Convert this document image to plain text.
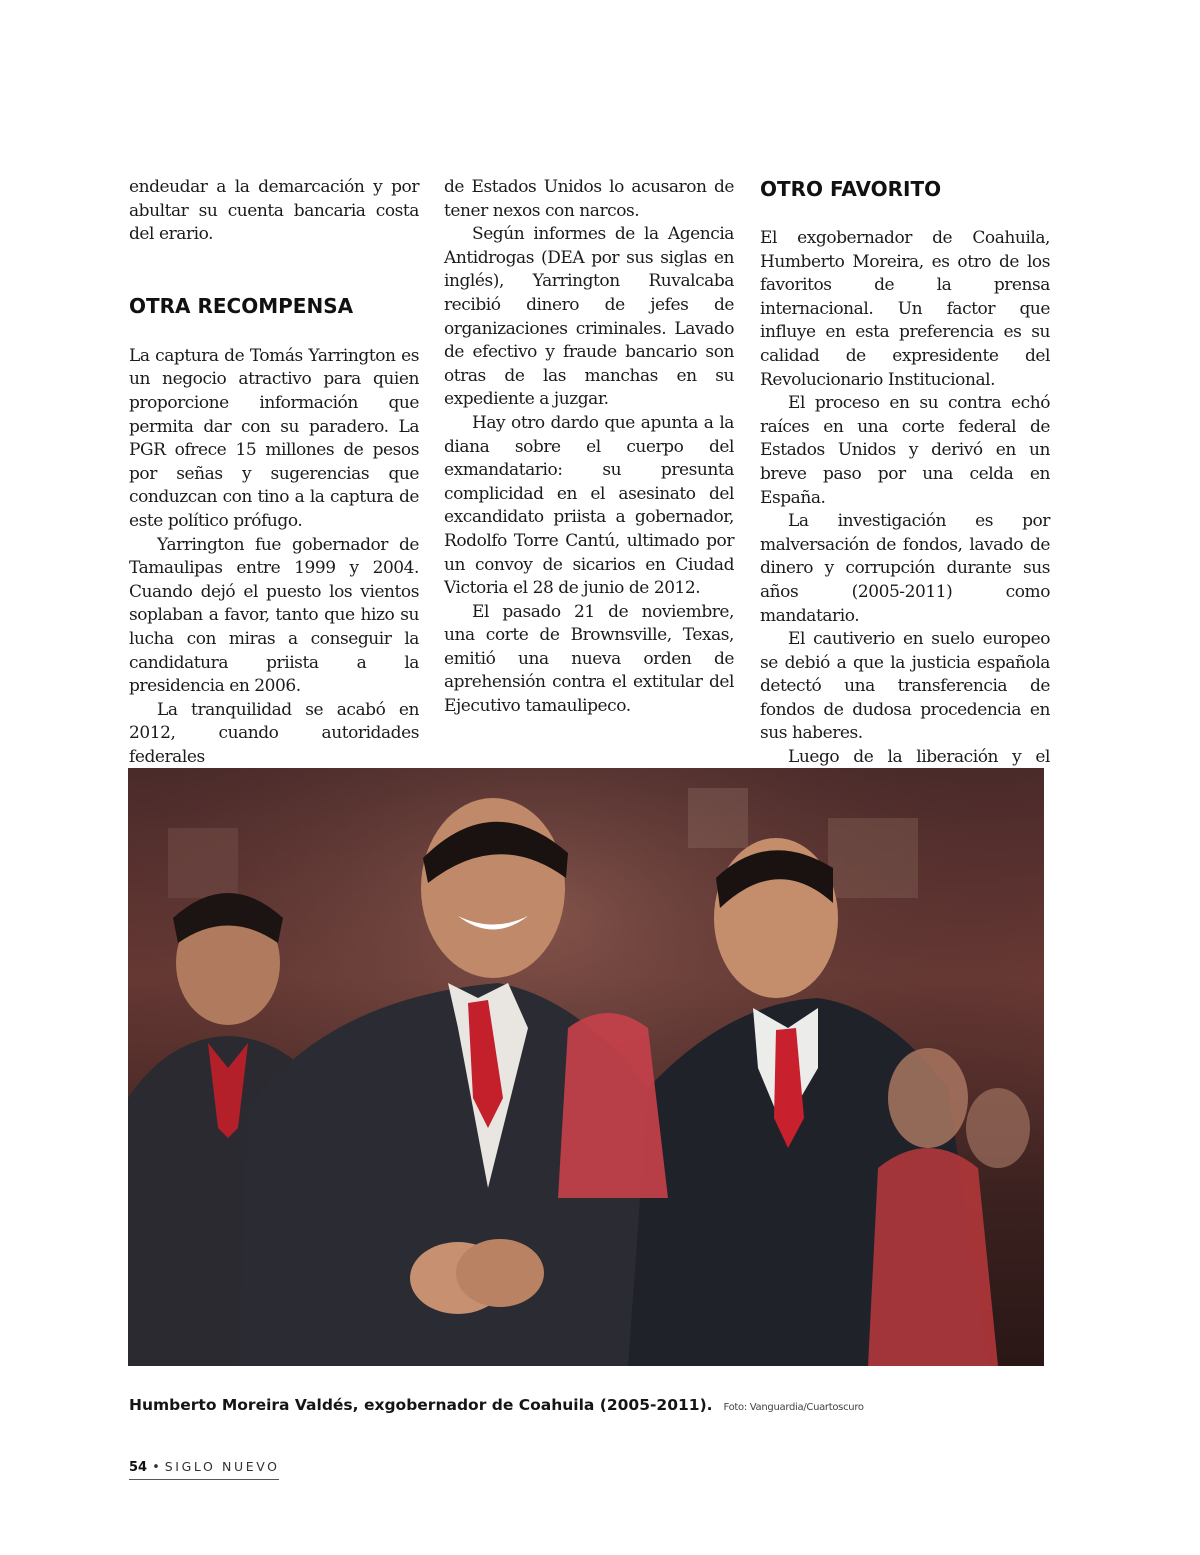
endeudar a la demarcación y por abultar su cuenta bancaria costa del erario.

OTRA RECOMPENSA

La captura de Tomás Yarrington es un negocio atractivo para quien proporcione información que permita dar con su paradero. La PGR ofrece 15 millones de pesos por señas y sugerencias que conduzcan con tino a la captura de este político prófugo.

Yarrington fue gobernador de Tamaulipas entre 1999 y 2004. Cuando dejó el puesto los vientos soplaban a favor, tanto que hizo su lucha con miras a conseguir la candidatura priista a la presidencia en 2006.

La tranquilidad se acabó en 2012, cuando autoridades federales

de Estados Unidos lo acusaron de tener nexos con narcos.

Según informes de la Agencia Antidrogas (DEA por sus siglas en inglés), Yarrington Ruvalcaba recibió dinero de jefes de organizaciones criminales. Lavado de efectivo y fraude bancario son otras de las manchas en su expediente a juzgar.

Hay otro dardo que apunta a la diana sobre el cuerpo del exmandatario: su presunta complicidad en el asesinato del excandidato priista a gobernador, Rodolfo Torre Cantú, ultimado por un convoy de sicarios en Ciudad Victoria el 28 de junio de 2012.

El pasado 21 de noviembre, una corte de Brownsville, Texas, emitió una nueva orden de aprehensión contra el extitular del Ejecutivo tamaulipeco.

OTRO FAVORITO

El exgobernador de Coahuila, Humberto Moreira, es otro de los favoritos de la prensa internacional. Un factor que influye en esta preferencia es su calidad de expresidente del Revolucionario Institucional.

El proceso en su contra echó raíces en una corte federal de Estados Unidos y derivó en un breve paso por una celda en España.

La investigación es por malversación de fondos, lavado de dinero y corrupción durante sus años (2005-2011) como mandatario.

El cautiverio en suelo europeo se debió a que la justicia española detectó una transferencia de fondos de dudosa procedencia en sus haberes.

Luego de la liberación y el

Humberto Moreira Valdés, exgobernador de Coahuila (2005-2011). Foto: Vanguardia/Cuartoscuro
54 • SIGLO NUEVO
